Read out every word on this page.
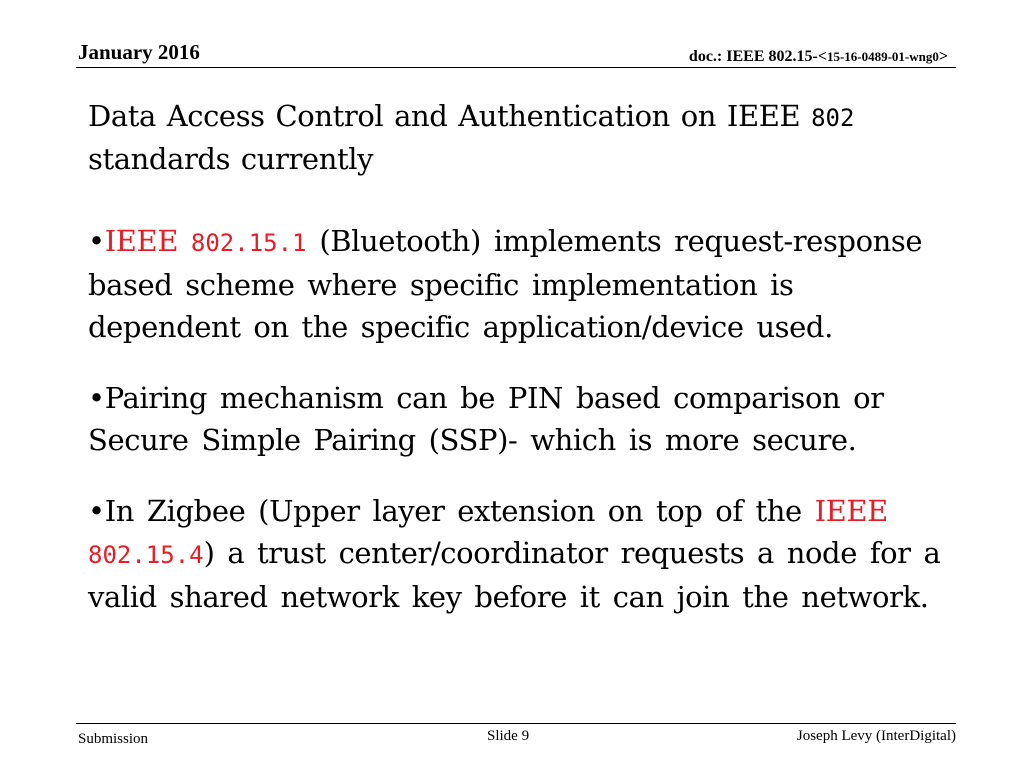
January 2016	doc.: IEEE 802.15-<15-16-0489-01-wng0>
Data Access Control and Authentication on IEEE 802
standards currently

•IEEE 802.15.1 (Bluetooth) implements request-response based scheme where specific implementation is dependent on the specific application/device used.

•Pairing mechanism can be PIN based comparison or Secure Simple Pairing (SSP)- which is more secure.

•In Zigbee (Upper layer extension on top of the IEEE
802.15.4) a trust center/coordinator requests a node for a valid shared network key before it can join the network.

Submission	Slide 9	Joseph Levy (InterDigital)
